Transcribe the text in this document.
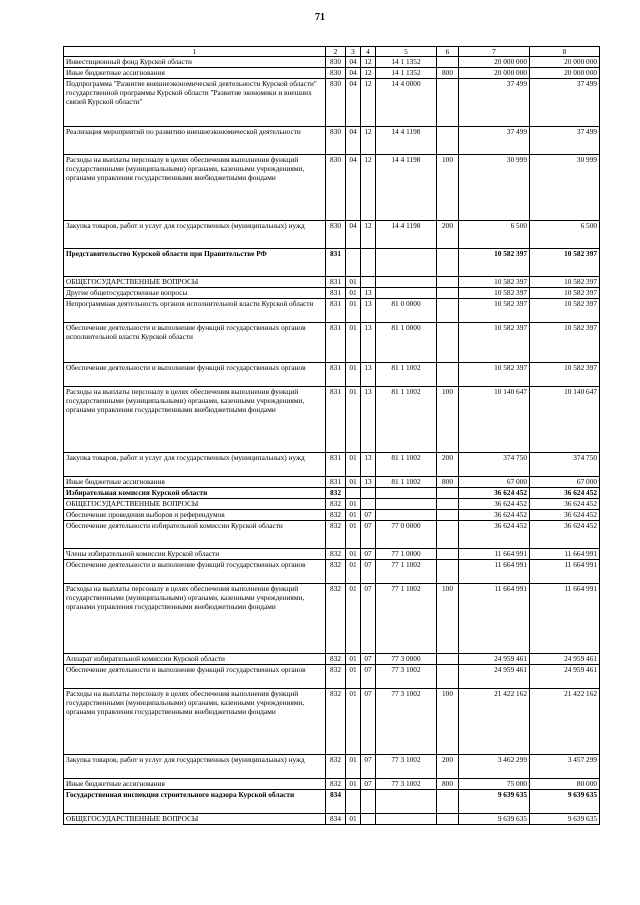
71
1	2	3	4	5	6	7	8
Инвестиционный фонд Курской области	830	04	12	14 1 1352		20 000 000	20 000 000
Иные бюджетные ассигнования	830	04	12	14 1 1352	800	20 000 000	20 000 000
Подпрограмма "Развитие внешнеэкономической деятельности Курской области" государственной программы Курской области "Развитие экономики и внешних связей Курской области"	830	04	12	14 4 0000		37 499	37 499
Реализация мероприятий по развитию внешнеэкономической деятельности	830	04	12	14 4 1198		37 499	37 499
Расходы на выплаты персоналу в целях обеспечения выполнения функций государственными (муниципальными) органами, казенными учреждениями, органами управления государственными внебюджетными фондами	830	04	12	14 4 1198	100	30 999	30 999
Закупка товаров, работ и услуг для государственных (муниципальных) нужд	830	04	12	14 4 1198	200	6 500	6 500
Представительство Курской области при Правительстве РФ	831					10 582 397	10 582 397
ОБЩЕГОСУДАРСТВЕННЫЕ ВОПРОСЫ	831	01				10 582 397	10 582 397
Другие общегосударственные вопросы	831	01	13			10 582 397	10 582 397
Непрограммная деятельность органов исполнительной власти Курской области	831	01	13	81 0 0000		10 582 397	10 582 397
Обеспечение деятельности и выполнение функций государственных органов исполнительной власти Курской области	831	01	13	81 1 0000		10 582 397	10 582 397
Обеспечение деятельности и выполнение функций государственных органов	831	01	13	81 1 1002		10 582 397	10 582 397
Расходы на выплаты персоналу в целях обеспечения выполнения функций государственными (муниципальными) органами, казенными учреждениями, органами управления государственными внебюджетными фондами	831	01	13	81 1 1002	100	10 140 647	10 140 647
Закупка товаров, работ и услуг для государственных (муниципальных) нужд	831	01	13	81 1 1002	200	374 750	374 750
Иные бюджетные ассигнования	831	01	13	81 1 1002	800	67 000	67 000
Избирательная комиссия Курской области	832					36 624 452	36 624 452
ОБЩЕГОСУДАРСТВЕННЫЕ ВОПРОСЫ	832	01				36 624 452	36 624 452
Обеспечение проведения выборов и референдумов	832	01	07			36 624 452	36 624 452
Обеспечение деятельности избирательной комиссии Курской области	832	01	07	77 0 0000		36 624 452	36 624 452
Члены избирательной комиссии Курской области	832	01	07	77 1 0000		11 664 991	11 664 991
Обеспечение деятельности и выполнение функций государственных органов	832	01	07	77 1 1002		11 664 991	11 664 991
Расходы на выплаты персоналу в целях обеспечения выполнения функций государственными (муниципальными) органами, казенными учреждениями, органами управления государственными внебюджетными фондами	832	01	07	77 1 1002	100	11 664 991	11 664 991
Аппарат избирательной комиссии Курской области	832	01	07	77 3 0000		24 959 461	24 959 461
Обеспечение деятельности и выполнение функций государственных органов	832	01	07	77 3 1002		24 959 461	24 959 461
Расходы на выплаты персоналу в целях обеспечения выполнения функций государственными (муниципальными) органами, казенными учреждениями, органами управления государственными внебюджетными фондами	832	01	07	77 3 1002	100	21 422 162	21 422 162
Закупка товаров, работ и услуг для государственных (муниципальных) нужд	832	01	07	77 3 1002	200	3 462 299	3 457 299
Иные бюджетные ассигнования	832	01	07	77 3 1002	800	75 000	80 000
Государственная инспекция строительного надзора Курской области	834					9 639 635	9 639 635
ОБЩЕГОСУДАРСТВЕННЫЕ ВОПРОСЫ	834	01				9 639 635	9 639 635
